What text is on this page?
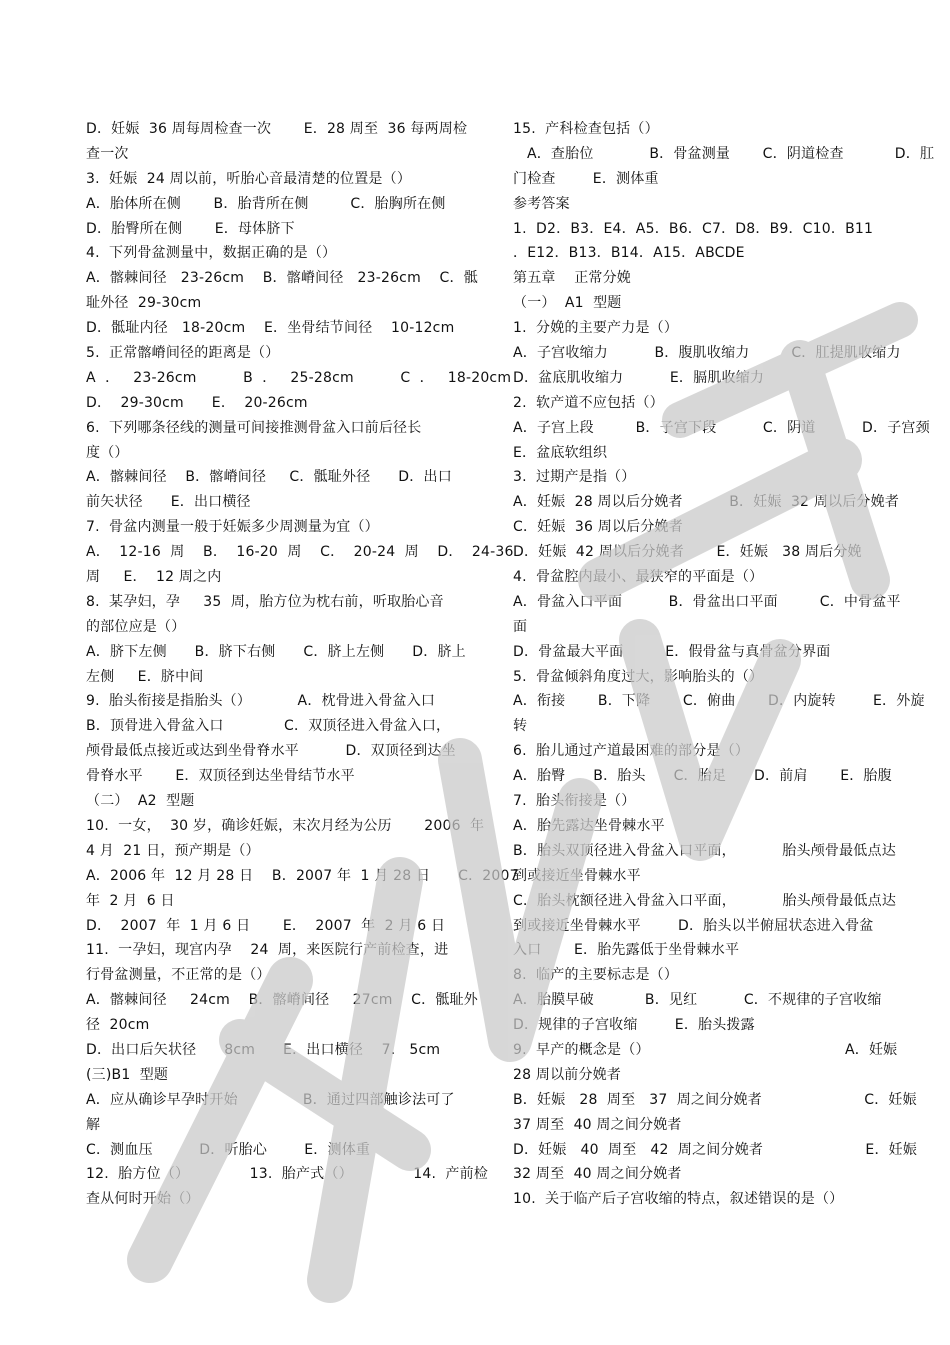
D．妊娠  36 周每周检查一次       E．28 周至  36 每两周检
查一次
3.  妊娠  24 周以前，听胎心音最清楚的位置是（）
A．胎体所在侧       B．胎背所在侧         C．胎胸所在侧
D．胎臀所在侧       E．母体脐下
4.  下列骨盆测量中，数据正确的是（）
A．髂棘间径   23-26cm    B．髂嵴间径   23-26cm    C．骶
耻外径  29-30cm
D．骶耻内径   18-20cm    E．坐骨结节间径    10-12cm
5.  正常髂嵴间径的距离是（）
A  ．   23-26cm          B  ．   25-28cm          C  ．   18-20cm
D．  29-30cm      E．  20-26cm
6.  下列哪条径线的测量可间接推测骨盆入口前后径长
度（）
A．髂棘间径    B．髂嵴间径     C．骶耻外径      D．出口
前矢状径      E．出口横径
7.  骨盆内测量一般于妊娠多少周测量为宜（）
A．  12-16  周    B．  16-20  周    C．  20-24  周    D．  24-36
周     E．  12 周之内
8.  某孕妇，孕     35  周，胎方位为枕右前，听取胎心音
的部位应是（）
A．脐下左侧      B．脐下右侧      C．脐上左侧      D．脐上
左侧     E．脐中间
9.  胎头衔接是指胎头（）          A．枕骨进入骨盆入口
B．顶骨进入骨盆入口             C．双顶径进入骨盆入口，
颅骨最低点接近或达到坐骨脊水平          D．双顶径到达坐
骨脊水平       E．双顶径到达坐骨结节水平
（二）  A2  型题
10.  一女，  30 岁，确诊妊娠，末次月经为公历       2006  年
4 月  21 日，预产期是（）
A．2006 年  12 月 28 日    B．2007 年  1 月 28 日      C．2007
年  2 月  6 日
D．  2007  年  1 月 6 日       E．  2007  年  2 月 6 日
11.  一孕妇，现宫内孕    24  周，来医院行产前检查，进
行骨盆测量，不正常的是（）
A．髂棘间径     24cm    B．髂嵴间径     27cm    C．骶耻外
径  20cm
D．出口后矢状径      8cm      E．出口横径    7.   5cm
(三)B1  型题
A．应从确诊早孕时开始              B．通过四部触诊法可了
解
C．测血压          D．听胎心        E．测体重
12.  胎方位（）             13.  胎产式（）             14.  产前检
查从何时开始（）
15.  产科检查包括（）
A．查胎位            B．骨盆测量       C．阴道检查           D．肛
门检查        E．测体重
参考答案
1.  D2．B3．E4．A5．B6．C7．D8．B9．C10．B11
．E12．B13．B14．A15．ABCDE
第五章    正常分娩
（一）  A1  型题
1.  分娩的主要产力是（）
A．子宫收缩力          B．腹肌收缩力         C．肛提肌收缩力
D．盆底肌收缩力          E．膈肌收缩力
2.  软产道不应包括（）
A．子宫上段         B．子宫下段          C．阴道          D．子宫颈
E．盆底软组织
3.  过期产是指（）
A．妊娠  28 周以后分娩者          B．妊娠  32 周以后分娩者
C．妊娠  36 周以后分娩者
D．妊娠  42 周以后分娩者       E．妊娠   38 周后分娩
4.  骨盆腔内最小、最狭窄的平面是（）
A．骨盆入口平面          B．骨盆出口平面         C．中骨盆平
面
D．骨盆最大平面         E．假骨盆与真骨盆分界面
5.  骨盆倾斜角度过大，影响胎头的（）
A．衔接       B．下降       C．俯曲       D．内旋转        E．外旋
转
6.  胎儿通过产道最困难的部分是（）
A．胎臀      B．胎头      C．胎足      D．前肩       E．胎腹
7.  胎头衔接是（）
A．胎先露达坐骨棘水平
B．胎头双顶径进入骨盆入口平面，          胎头颅骨最低点达
到或接近坐骨棘水平
C．胎头枕额径进入骨盆入口平面，          胎头颅骨最低点达
到或接近坐骨棘水平        D．胎头以半俯屈状态进入骨盆
入口       E．胎先露低于坐骨棘水平
8.  临产的主要标志是（）
A．胎膜早破           B．见红          C．不规律的子宫收缩
D．规律的子宫收缩        E．胎头拨露
9.  早产的概念是（）                                          A．妊娠
28 周以前分娩者
B．妊娠   28  周至   37  周之间分娩者                      C．妊娠
37 周至  40 周之间分娩者
D．妊娠   40  周至   42  周之间分娩者                      E．妊娠
32 周至  40 周之间分娩者
10.  关于临产后子宫收缩的特点，叙述错误的是（）
